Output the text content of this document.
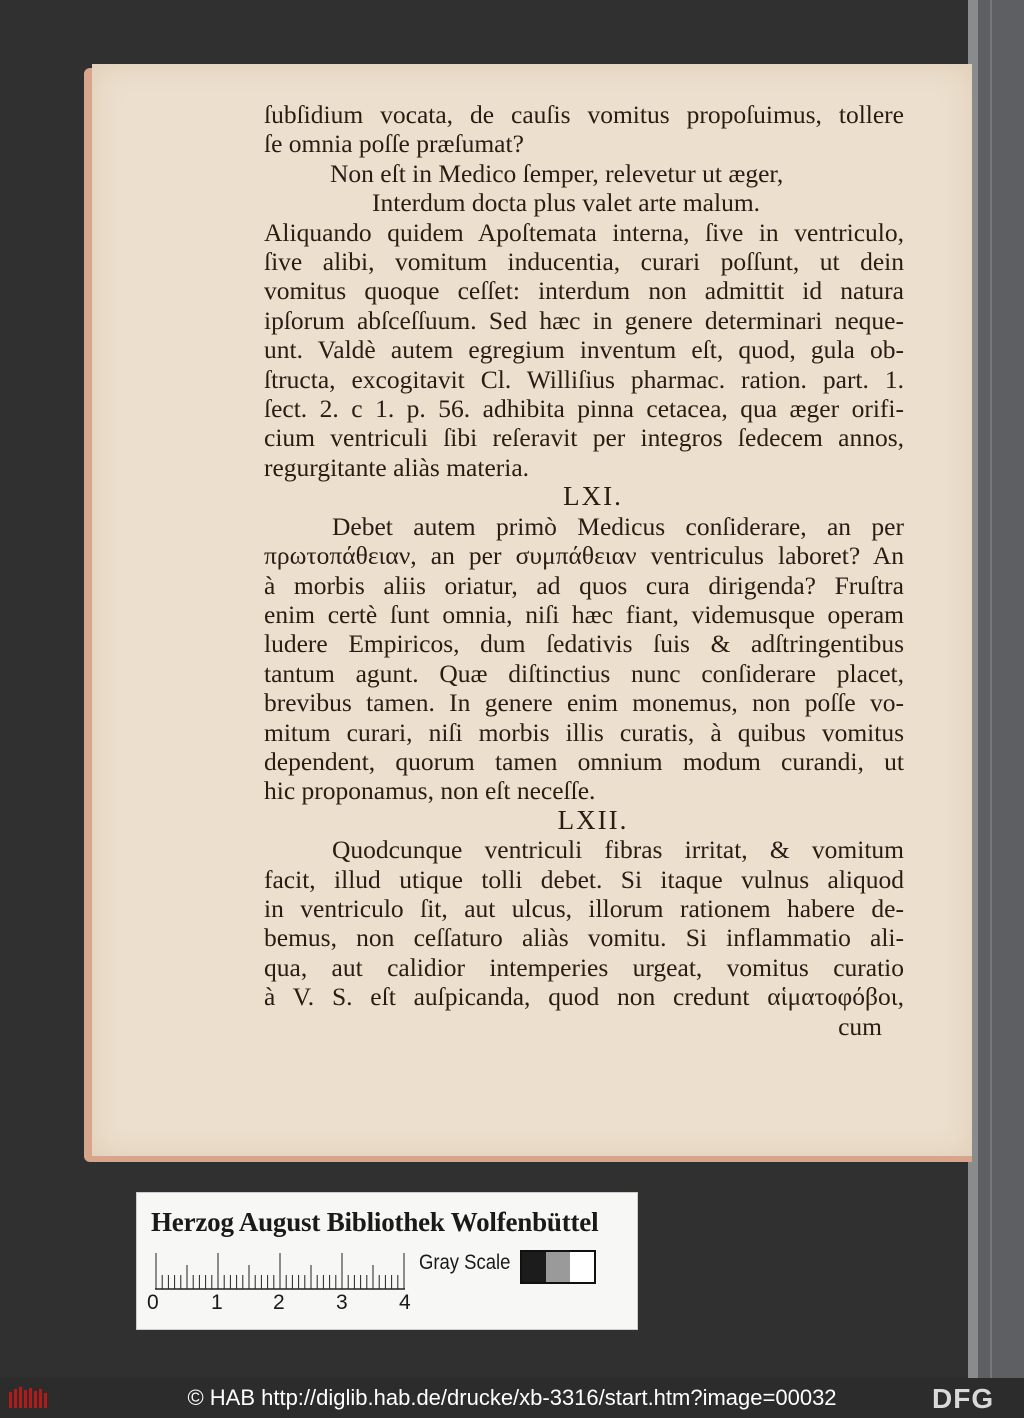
ſubſidium vocata, de cauſis vomitus propoſuimus, tollere

ſe omnia poſſe præſumat?

Non eſt in Medico ſemper, relevetur ut æger,

Interdum docta plus valet arte malum.

Aliquando quidem Apoſtemata interna, ſive in ventriculo,

ſive alibi, vomitum inducentia, curari poſſunt, ut dein

vomitus quoque ceſſet: interdum non admittit id natura

ipſorum abſceſſuum. Sed hæc in genere determinari neque-

unt. Valdè autem egregium inventum eſt, quod, gula ob-

ſtructa, excogitavit Cl. Williſius pharmac. ration. part. 1.

ſect. 2. c 1. p. 56. adhibita pinna cetacea, qua æger orifi-

cium ventriculi ſibi reſeravit per integros ſedecem annos,

regurgitante aliàs materia.

LXI.

Debet autem primò Medicus conſiderare, an per

πρωτοπάθειαν, an per συμπάθειαν ventriculus laboret? An

à morbis aliis oriatur, ad quos cura dirigenda? Fruſtra

enim certè ſunt omnia, niſi hæc fiant, videmusque operam

ludere Empiricos, dum ſedativis ſuis & adſtringentibus

tantum agunt. Quæ diſtinctius nunc conſiderare placet,

brevibus tamen. In genere enim monemus, non poſſe vo-

mitum curari, niſi morbis illis curatis, à quibus vomitus

dependent, quorum tamen omnium modum curandi, ut

hic proponamus, non eſt neceſſe.

LXII.

Quodcunque ventriculi fibras irritat, & vomitum

facit, illud utique tolli debet. Si itaque vulnus aliquod

in ventriculo ſit, aut ulcus, illorum rationem habere de-

bemus, non ceſſaturo aliàs vomitu. Si inflammatio ali-

qua, aut calidior intemperies urgeat, vomitus curatio

à V. S. eſt auſpicanda, quod non credunt αἱματοφόβοι,

cum

Herzog August Bibliothek Wolfenbüttel
Gray Scale
0 1 2 3 4
© HAB http://diglib.hab.de/drucke/xb-3316/start.htm?image=00032	DFG
